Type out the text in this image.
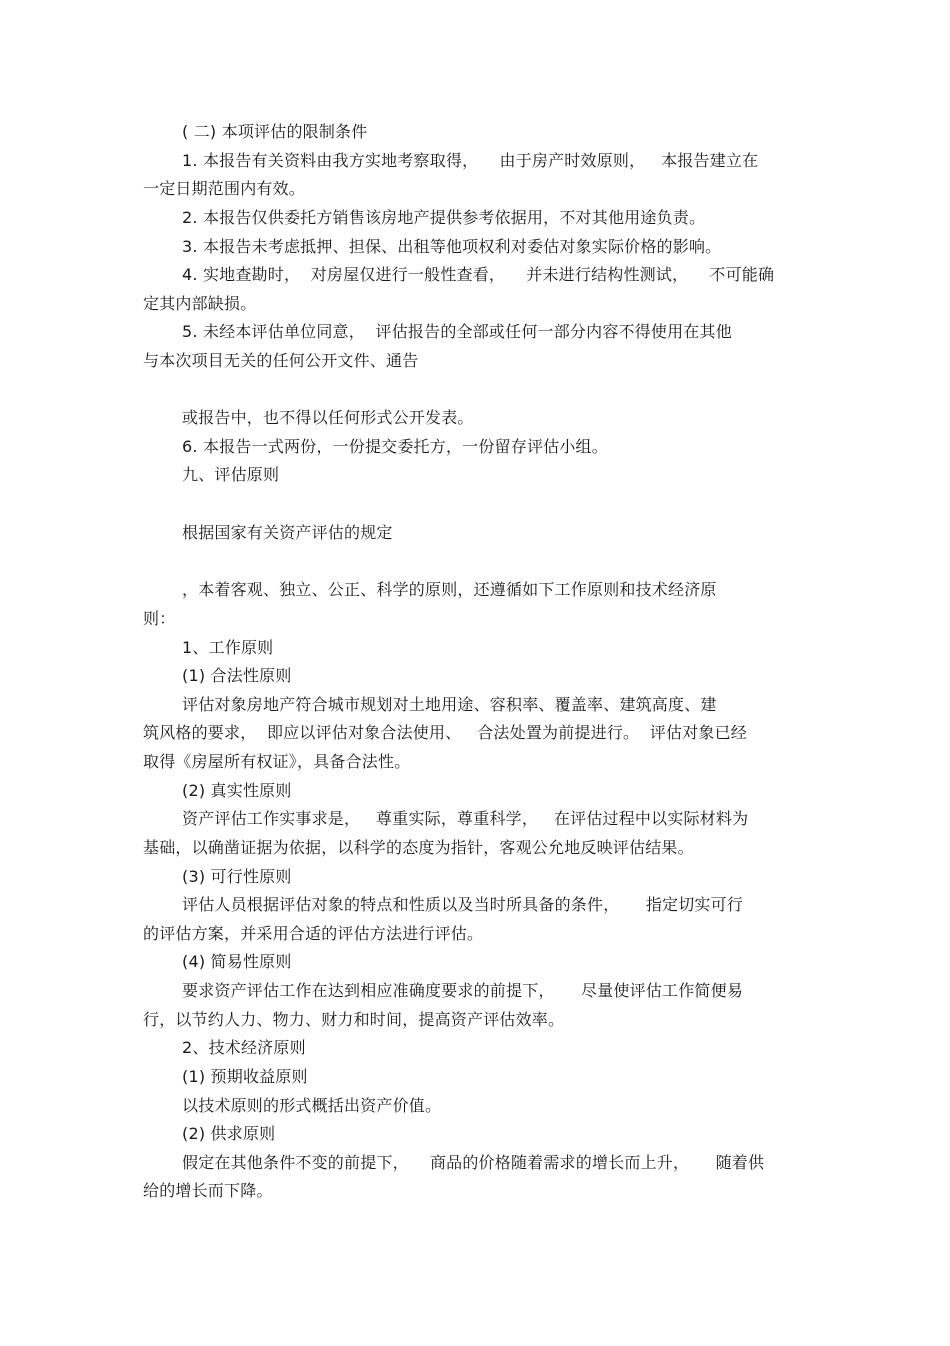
( 二) 本项评估的限制条件
1. 本报告有关资料由我方实地考察取得，    由于房产时效原则，   本报告建立在
一定日期范围内有效。
2. 本报告仅供委托方销售该房地产提供参考依据用，不对其他用途负责。
3. 本报告未考虑抵押、担保、出租等他项权利对委估对象实际价格的影响。
4. 实地查勘时，  对房屋仅进行一般性查看，    并未进行结构性测试，    不可能确
定其内部缺损。
5. 未经本评估单位同意，  评估报告的全部或任何一部分内容不得使用在其他
与本次项目无关的任何公开文件、通告
或报告中，也不得以任何形式公开发表。
6. 本报告一式两份，一份提交委托方，一份留存评估小组。
九、评估原则
根据国家有关资产评估的规定
，本着客观、独立、公正、科学的原则，还遵循如下工作原则和技术经济原
则：
1、工作原则
(1) 合法性原则
评估对象房地产符合城市规划对土地用途、容积率、覆盖率、建筑高度、建
筑风格的要求，  即应以评估对象合法使用、   合法处置为前提进行。  评估对象已经
取得《房屋所有权证》，具备合法性。
(2) 真实性原则
资产评估工作实事求是，   尊重实际，尊重科学，   在评估过程中以实际材料为
基础，以确凿证据为依据，以科学的态度为指针，客观公允地反映评估结果。
(3) 可行性原则
评估人员根据评估对象的特点和性质以及当时所具备的条件，     指定切实可行
的评估方案，并采用合适的评估方法进行评估。
(4) 简易性原则
要求资产评估工作在达到相应准确度要求的前提下，     尽量使评估工作简便易
行，以节约人力、物力、财力和时间，提高资产评估效率。
2、技术经济原则
(1) 预期收益原则
以技术原则的形式概括出资产价值。
(2) 供求原则
假定在其他条件不变的前提下，    商品的价格随着需求的增长而上升，     随着供
给的增长而下降。
